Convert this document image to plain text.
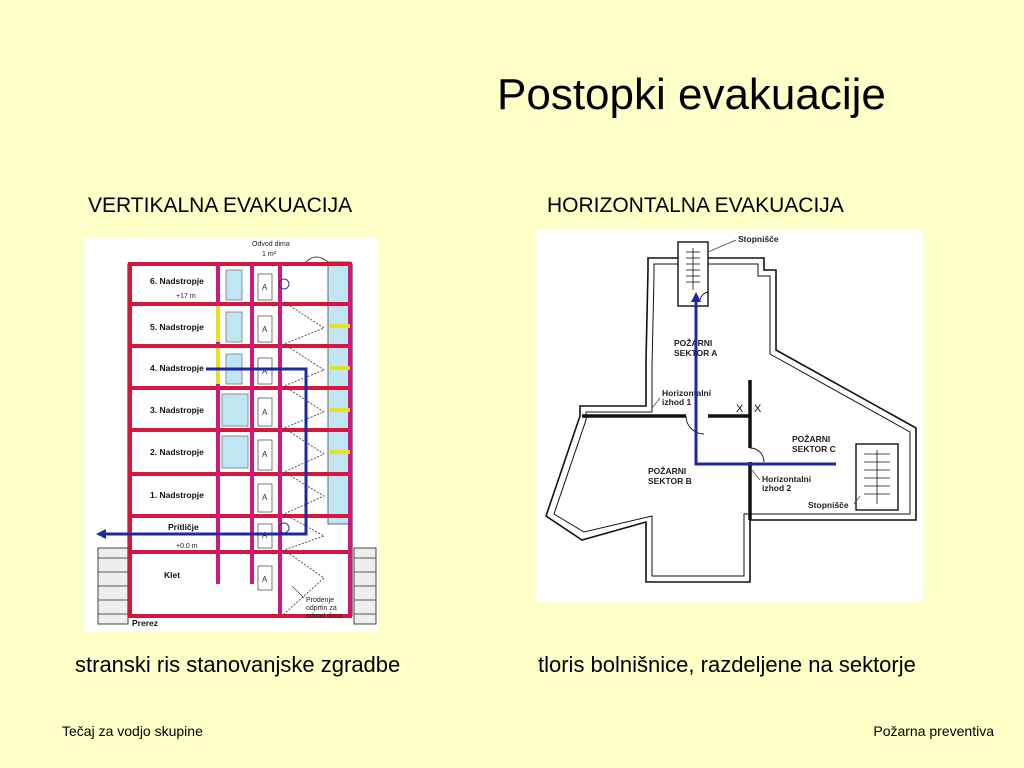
Postopki evakuacije
VERTIKALNA EVAKUACIJA	HORIZONTALNA EVAKUACIJA
A
A
A
A
A
A
A
A
6. Nadstropje
5. Nadstropje
4. Nadstropje
3. Nadstropje
2. Nadstropje
1. Nadstropje
Pritličje
Klet
Prerez
+17 m
+0.0 m
Odvod dima
1 m²
Prodenje
odprtin za
odvod dima
X X
Stopnišče
POŽARNI
SEKTOR A
POŽARNI
SEKTOR B
POŽARNI
SEKTOR C
Horizontalni
izhod 1
Horizontalni
izhod 2
Stopnišče
stranski ris stanovanjske zgradbe	tloris bolnišnice, razdeljene na sektorje
Tečaj za vodjo skupine	Požarna preventiva
